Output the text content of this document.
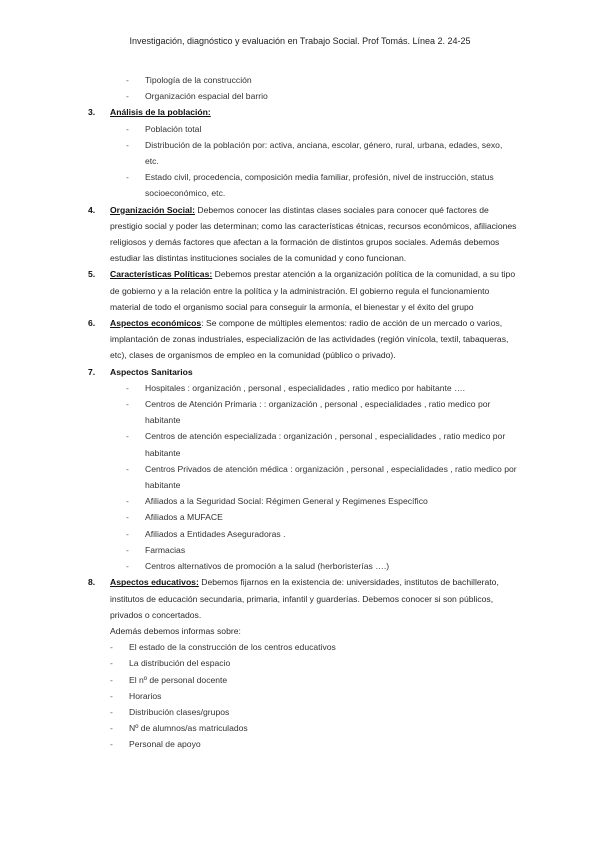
Investigación, diagnóstico y evaluación en Trabajo Social. Prof Tomás. Línea 2. 24-25
- Tipología de la construcción
- Organización espacial del barrio
3. Análisis de la población:
- Población total
- Distribución de la población por: activa, anciana, escolar, género, rural, urbana, edades, sexo, etc.
- Estado civil, procedencia, composición media familiar, profesión, nivel de instrucción, status socioeconómico, etc.
4. Organización Social: Debemos conocer las distintas clases sociales para conocer qué factores de prestigio social y poder las determinan; como las características étnicas, recursos económicos, afiliaciones religiosos y demás factores que afectan a la formación de distintos grupos sociales. Además debemos estudiar las distintas instituciones sociales de la comunidad y cono funcionan.
5. Características Políticas: Debemos prestar atención a la organización política de la comunidad, a su tipo de gobierno y a la relación entre la política y la administración. El gobierno regula el funcionamiento material de todo el organismo social para conseguir la armonía, el bienestar y el éxito del grupo
6. Aspectos económicos: Se compone de múltiples elementos: radio de acción de un mercado o varios, implantación de zonas industriales, especialización de las actividades (región vinícola, textil, tabaqueras, etc), clases de organismos de empleo en la comunidad (público o privado).
7. Aspectos Sanitarios
- Hospitales : organización , personal , especialidades , ratio medico por habitante ….
- Centros de Atención Primaria : : organización , personal , especialidades , ratio medico por habitante
- Centros de atención especializada : organización , personal , especialidades , ratio medico por habitante
- Centros Privados de atención médica : organización , personal , especialidades , ratio medico por habitante
- Afiliados a la Seguridad Social: Régimen General y Regimenes Específico
- Afiliados a MUFACE
- Afiliados a Entidades Aseguradoras .
- Farmacias
- Centros alternativos de promoción a la salud (herboristerías ….)
8. Aspectos educativos: Debemos fijarnos en la existencia de: universidades, institutos de bachillerato, institutos de educación secundaria, primaria, infantil y guarderías. Debemos conocer si son públicos, privados o concertados.
Además debemos informas sobre:
- El estado de la construcción de los centros educativos
- La distribución del espacio
- El nº de personal docente
- Horarios
- Distribución clases/grupos
- Nº de alumnos/as matriculados
- Personal de apoyo
